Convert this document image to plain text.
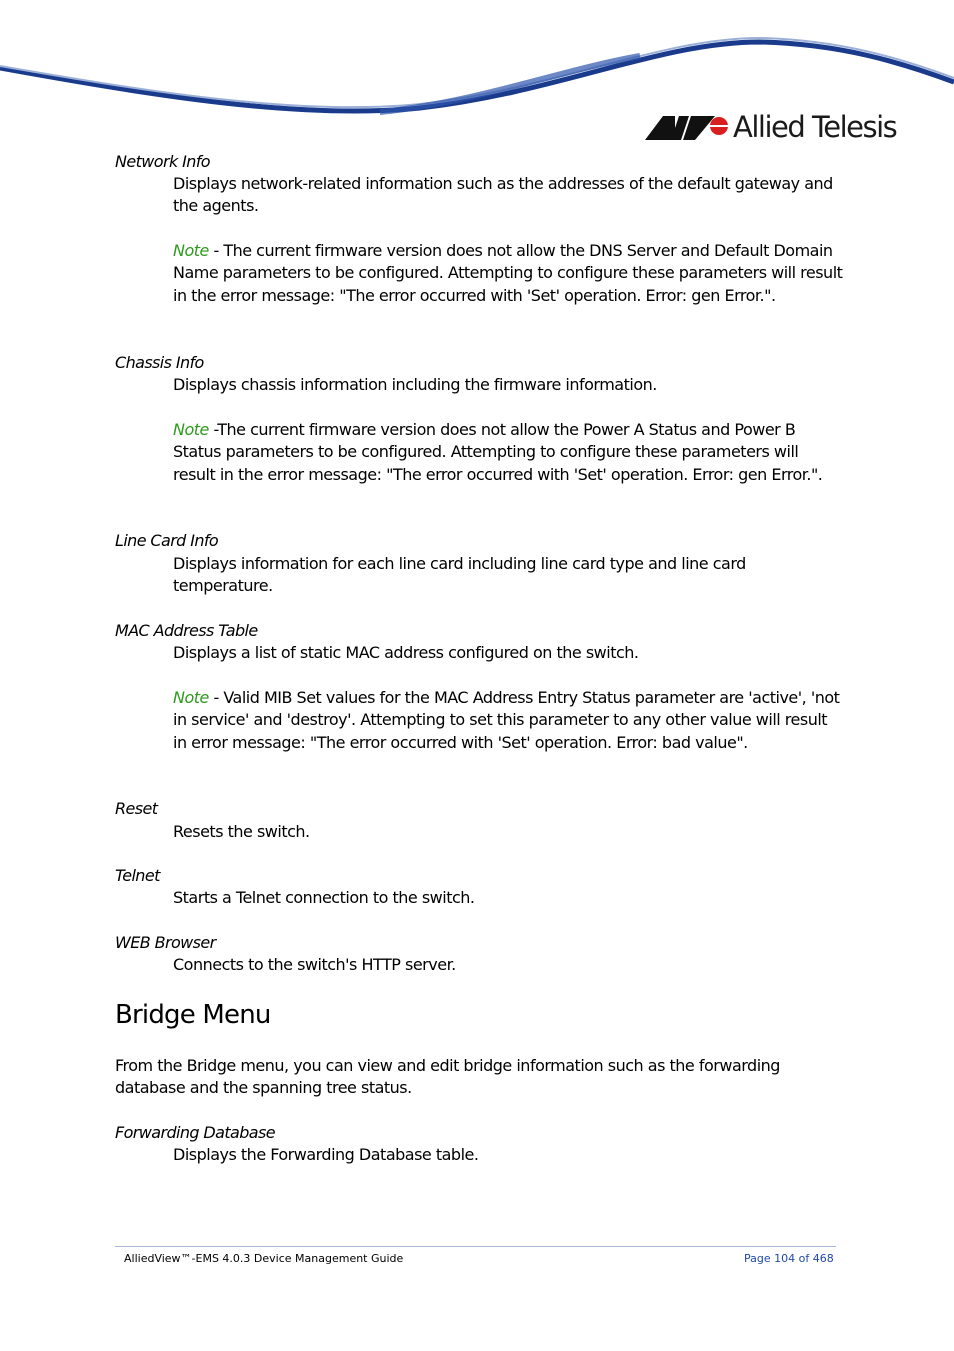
Allied Telesis
Network Info

Displays network-related information such as the addresses of the default gateway and the agents.

Note - The current firmware version does not allow the DNS Server and Default Domain Name parameters to be configured. Attempting to configure these parameters will result in the error message: "The error occurred with 'Set' operation. Error: gen Error.".

Chassis Info

Displays chassis information including the firmware information.

Note -The current firmware version does not allow the Power A Status and Power B Status parameters to be configured. Attempting to configure these parameters will result in the error message: "The error occurred with 'Set' operation. Error: gen Error.".

Line Card Info

Displays information for each line card including line card type and line card temperature.

MAC Address Table

Displays a list of static MAC address configured on the switch.

Note - Valid MIB Set values for the MAC Address Entry Status parameter are 'active', 'not in service' and 'destroy'. Attempting to set this parameter to any other value will result in error message: "The error occurred with 'Set' operation. Error: bad value".

Reset

Resets the switch.

Telnet

Starts a Telnet connection to the switch.

WEB Browser

Connects to the switch's HTTP server.

Bridge Menu

From the Bridge menu, you can view and edit bridge information such as the forwarding database and the spanning tree status.

Forwarding Database

Displays the Forwarding Database table.

AlliedView™-EMS 4.0.3 Device Management Guide	Page 104 of 468
